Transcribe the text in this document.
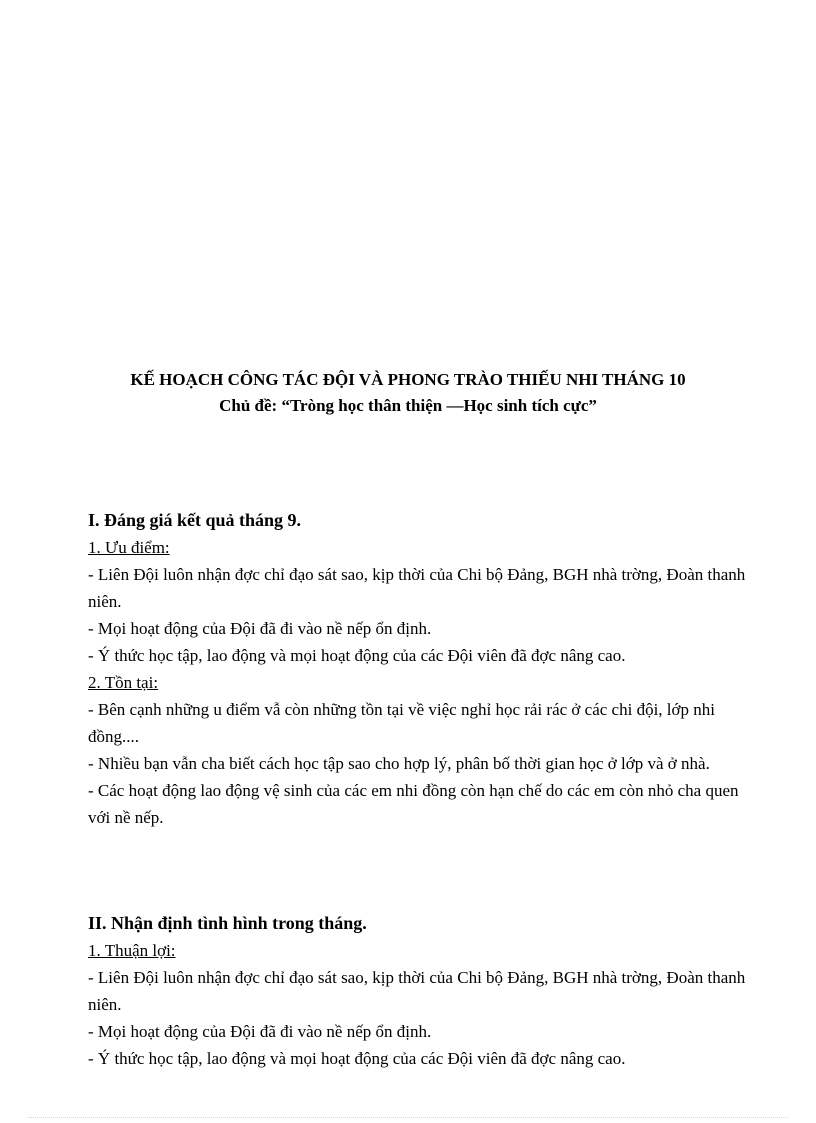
KẾ HOẠCH CÔNG TÁC ĐỘI VÀ PHONG TRÀO THIẾU NHI THÁNG 10
Chủ đề: “Tròng học thân thiện —Học sinh tích cực”

I. Đáng giá kết quả tháng 9.

1. Ưu điểm:

- Liên Đội luôn nhận đợc chỉ đạo sát sao, kịp thời của Chi bộ Đảng, BGH nhà trờng, Đoàn thanh niên.

- Mọi hoạt động của Đội đã đi vào nề nếp ổn định.

- Ý thức học tập, lao động và mọi hoạt động của các Đội viên đã đợc nâng cao.

2. Tồn tại:

- Bên cạnh những u điểm vẫ còn những tồn tại về việc nghỉ học rải rác ở các chi đội, lớp nhi đồng....

- Nhiều bạn vẫn cha biết cách học tập sao cho hợp lý, phân bố thời gian học ở lớp và ở nhà.

- Các hoạt động lao động vệ sinh của các em nhi đồng còn hạn chế do các em còn nhỏ cha quen với nề nếp.

II. Nhận định tình hình trong tháng.

1. Thuận lợi:

- Liên Đội luôn nhận đợc chỉ đạo sát sao, kịp thời của Chi bộ Đảng, BGH nhà trờng, Đoàn thanh niên.

- Mọi hoạt động của Đội đã đi vào nề nếp ổn định.

- Ý thức học tập, lao động và mọi hoạt động của các Đội viên đã đợc nâng cao.
